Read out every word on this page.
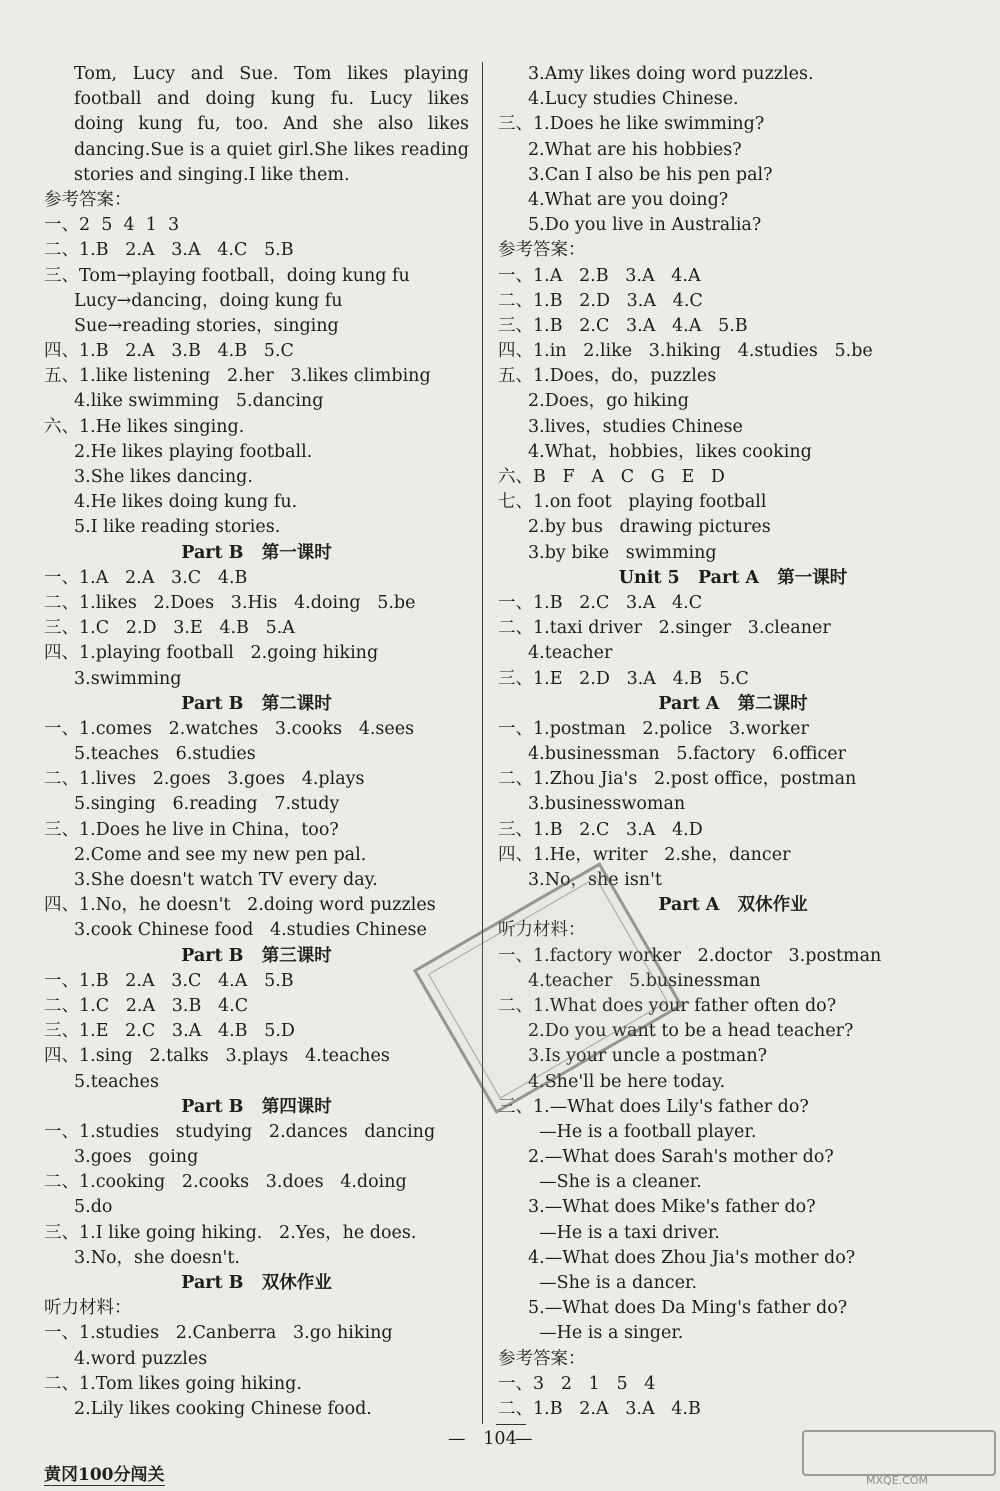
Tom, Lucy and Sue. Tom likes playing
football and doing kung fu. Lucy likes
doing kung fu, too. And she also likes
dancing.Sue is a quiet girl.She likes reading
stories and singing.I like them.
参考答案：
一、2  5  4  1  3
二、1.B   2.A   3.A   4.C   5.B
三、Tom→playing football，doing kung fu
Lucy→dancing，doing kung fu
Sue→reading stories，singing
四、1.B   2.A   3.B   4.B   5.C
五、1.like listening   2.her   3.likes climbing
4.like swimming   5.dancing
六、1.He likes singing.
2.He likes playing football.
3.She likes dancing.
4.He likes doing kung fu.
5.I like reading stories.
Part B   第一课时
一、1.A   2.A   3.C   4.B
二、1.likes   2.Does   3.His   4.doing   5.be
三、1.C   2.D   3.E   4.B   5.A
四、1.playing football   2.going hiking
3.swimming
Part B   第二课时
一、1.comes   2.watches   3.cooks   4.sees
5.teaches   6.studies
二、1.lives   2.goes   3.goes   4.plays
5.singing   6.reading   7.study
三、1.Does he live in China，too?
2.Come and see my new pen pal.
3.She doesn't watch TV every day.
四、1.No，he doesn't   2.doing word puzzles
3.cook Chinese food   4.studies Chinese
Part B   第三课时
一、1.B   2.A   3.C   4.A   5.B
二、1.C   2.A   3.B   4.C
三、1.E   2.C   3.A   4.B   5.D
四、1.sing   2.talks   3.plays   4.teaches
5.teaches
Part B   第四课时
一、1.studies   studying   2.dances   dancing
3.goes   going
二、1.cooking   2.cooks   3.does   4.doing
5.do
三、1.I like going hiking.   2.Yes，he does.
3.No，she doesn't.
Part B   双休作业
听力材料：
一、1.studies   2.Canberra   3.go hiking
4.word puzzles
二、1.Tom likes going hiking.
2.Lily likes cooking Chinese food.
3.Amy likes doing word puzzles.
4.Lucy studies Chinese.
三、1.Does he like swimming?
2.What are his hobbies?
3.Can I also be his pen pal?
4.What are you doing?
5.Do you live in Australia?
参考答案：
一、1.A   2.B   3.A   4.A
二、1.B   2.D   3.A   4.C
三、1.B   2.C   3.A   4.A   5.B
四、1.in   2.like   3.hiking   4.studies   5.be
五、1.Does，do，puzzles
2.Does，go hiking
3.lives，studies Chinese
4.What，hobbies，likes cooking
六、B   F   A   C   G   E   D
七、1.on foot   playing football
2.by bus   drawing pictures
3.by bike   swimming
Unit 5   Part A   第一课时
一、1.B   2.C   3.A   4.C
二、1.taxi driver   2.singer   3.cleaner
4.teacher
三、1.E   2.D   3.A   4.B   5.C
Part A   第二课时
一、1.postman   2.police   3.worker
4.businessman   5.factory   6.officer
二、1.Zhou Jia's   2.post office，postman
3.businesswoman
三、1.B   2.C   3.A   4.D
四、1.He，writer   2.she，dancer
3.No，she isn't
Part A   双休作业
听力材料：
一、1.factory worker   2.doctor   3.postman
4.teacher   5.businessman
二、1.What does your father often do?
2.Do you want to be a head teacher?
3.Is your uncle a postman?
4.She'll be here today.
三、1.—What does Lily's father do?
—He is a football player.
2.—What does Sarah's mother do?
—She is a cleaner.
3.—What does Mike's father do?
—He is a taxi driver.
4.—What does Zhou Jia's mother do?
—She is a dancer.
5.—What does Da Ming's father do?
—He is a singer.
参考答案：
一、3   2   1   5   4
二、1.B   2.A   3.A   4.B
—	104
—
黄冈100分闯关	MXQE.COM
